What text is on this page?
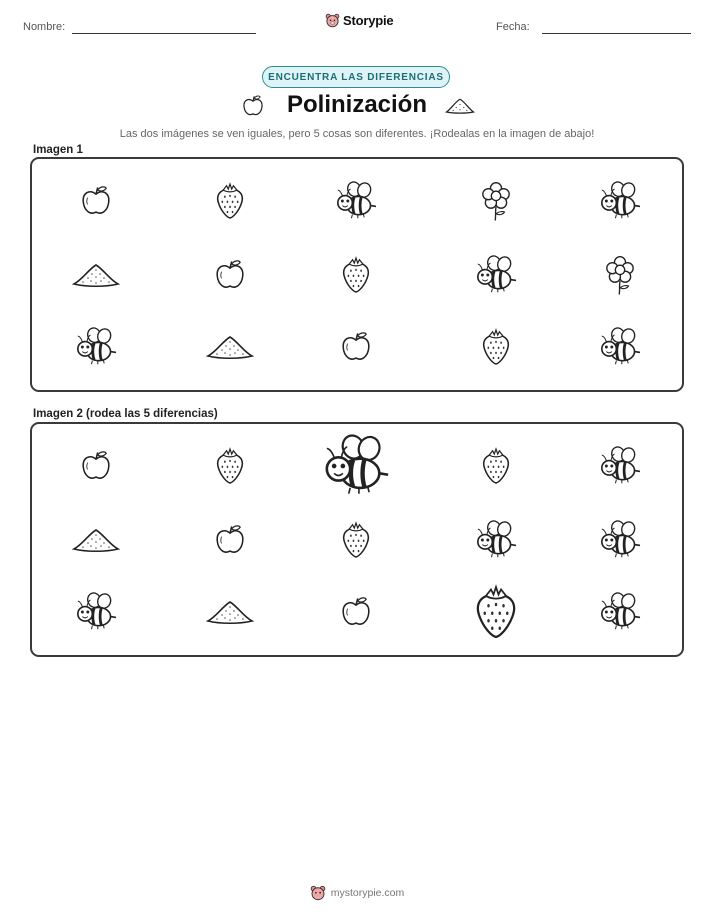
Nombre:	Storypie	Fecha:
ENCUENTRA LAS DIFERENCIAS
Polinización
Las dos imágenes se ven iguales, pero 5 cosas son diferentes. ¡Rodealas en la imagen de abajo!
Imagen 1
Imagen 2 (rodea las 5 diferencias)
mystorypie.com
